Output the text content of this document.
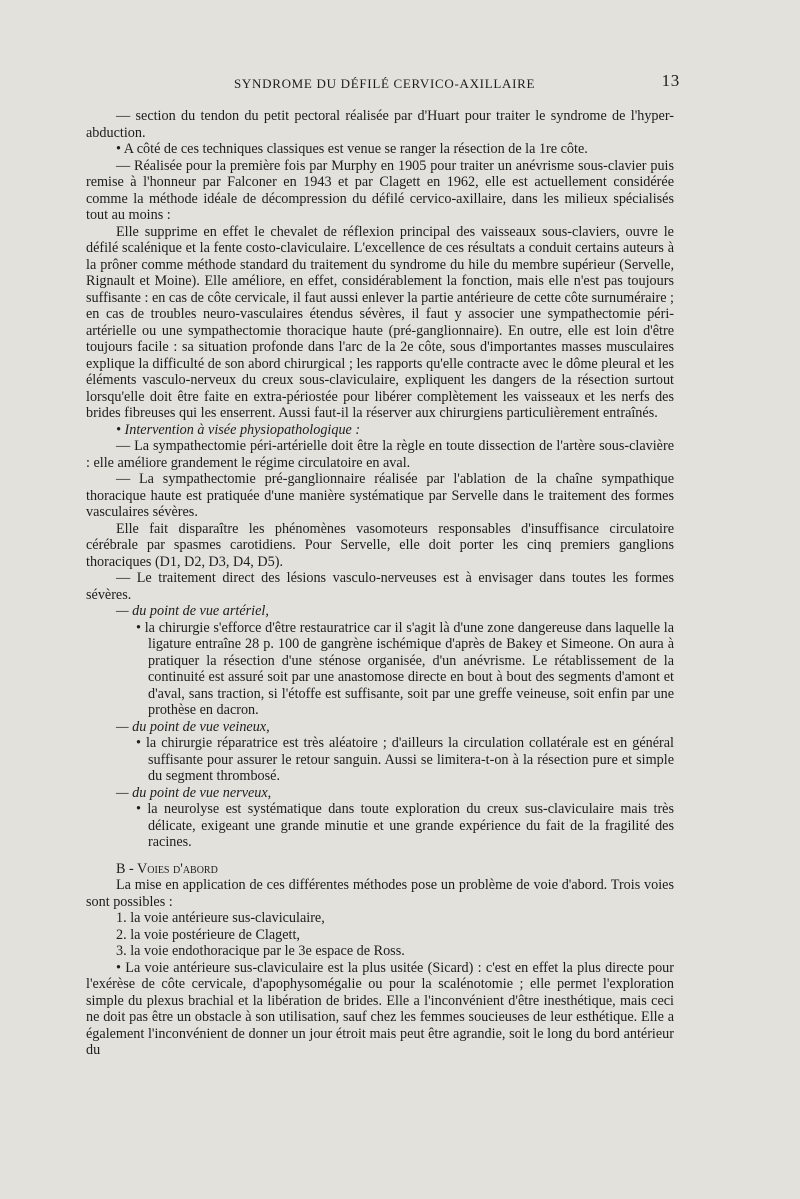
SYNDROME DU DÉFILÉ CERVICO-AXILLAIRE	13

— section du tendon du petit pectoral réalisée par d'Huart pour traiter le syndrome de l'hyper-abduction.

• A côté de ces techniques classiques est venue se ranger la résection de la 1re côte.

— Réalisée pour la première fois par Murphy en 1905 pour traiter un anévrisme sous-clavier puis remise à l'honneur par Falconer en 1943 et par Clagett en 1962, elle est actuellement considérée comme la méthode idéale de décompression du défilé cervico-axillaire, dans les milieux spécialisés tout au moins :

Elle supprime en effet le chevalet de réflexion principal des vaisseaux sous-claviers, ouvre le défilé scalénique et la fente costo-claviculaire. L'excellence de ces résultats a conduit certains auteurs à la prôner comme méthode standard du traitement du syndrome du hile du membre supérieur (Servelle, Rignault et Moine). Elle améliore, en effet, considérablement la fonction, mais elle n'est pas toujours suffisante : en cas de côte cervicale, il faut aussi enlever la partie antérieure de cette côte surnuméraire ; en cas de troubles neuro-vasculaires étendus sévères, il faut y associer une sympathectomie péri-artérielle ou une sympathectomie thoracique haute (pré-ganglionnaire). En outre, elle est loin d'être toujours facile : sa situation profonde dans l'arc de la 2e côte, sous d'importantes masses musculaires explique la difficulté de son abord chirurgical ; les rapports qu'elle contracte avec le dôme pleural et les éléments vasculo-nerveux du creux sous-claviculaire, expliquent les dangers de la résection surtout lorsqu'elle doit être faite en extra-périostée pour libérer complètement les vaisseaux et les nerfs des brides fibreuses qui les enserrent. Aussi faut-il la réserver aux chirurgiens particulièrement entraînés.

• Intervention à visée physiopathologique :

— La sympathectomie péri-artérielle doit être la règle en toute dissection de l'artère sous-clavière : elle améliore grandement le régime circulatoire en aval.

— La sympathectomie pré-ganglionnaire réalisée par l'ablation de la chaîne sympathique thoracique haute est pratiquée d'une manière systématique par Servelle dans le traitement des formes vasculaires sévères.

Elle fait disparaître les phénomènes vasomoteurs responsables d'insuffisance circulatoire cérébrale par spasmes carotidiens. Pour Servelle, elle doit porter les cinq premiers ganglions thoraciques (D1, D2, D3, D4, D5).

— Le traitement direct des lésions vasculo-nerveuses est à envisager dans toutes les formes sévères.

— du point de vue artériel,

• la chirurgie s'efforce d'être restauratrice car il s'agit là d'une zone dangereuse dans laquelle la ligature entraîne 28 p. 100 de gangrène ischémique d'après de Bakey et Simeone. On aura à pratiquer la résection d'une sténose organisée, d'un anévrisme. Le rétablissement de la continuité est assuré soit par une anastomose directe en bout à bout des segments d'amont et d'aval, sans traction, si l'étoffe est suffisante, soit par une greffe veineuse, soit enfin par une prothèse en dacron.

— du point de vue veineux,

• la chirurgie réparatrice est très aléatoire ; d'ailleurs la circulation collatérale est en général suffisante pour assurer le retour sanguin. Aussi se limitera-t-on à la résection pure et simple du segment thrombosé.

— du point de vue nerveux,

• la neurolyse est systématique dans toute exploration du creux sus-claviculaire mais très délicate, exigeant une grande minutie et une grande expérience du fait de la fragilité des racines.

B - Voies d'abord

La mise en application de ces différentes méthodes pose un problème de voie d'abord. Trois voies sont possibles :

1. la voie antérieure sus-claviculaire,

2. la voie postérieure de Clagett,

3. la voie endothoracique par le 3e espace de Ross.

• La voie antérieure sus-claviculaire est la plus usitée (Sicard) : c'est en effet la plus directe pour l'exérèse de côte cervicale, d'apophysomégalie ou pour la scalénotomie ; elle permet l'exploration simple du plexus brachial et la libération de brides. Elle a l'inconvénient d'être inesthétique, mais ceci ne doit pas être un obstacle à son utilisation, sauf chez les femmes soucieuses de leur esthétique. Elle a également l'inconvénient de donner un jour étroit mais peut être agrandie, soit le long du bord antérieur du
